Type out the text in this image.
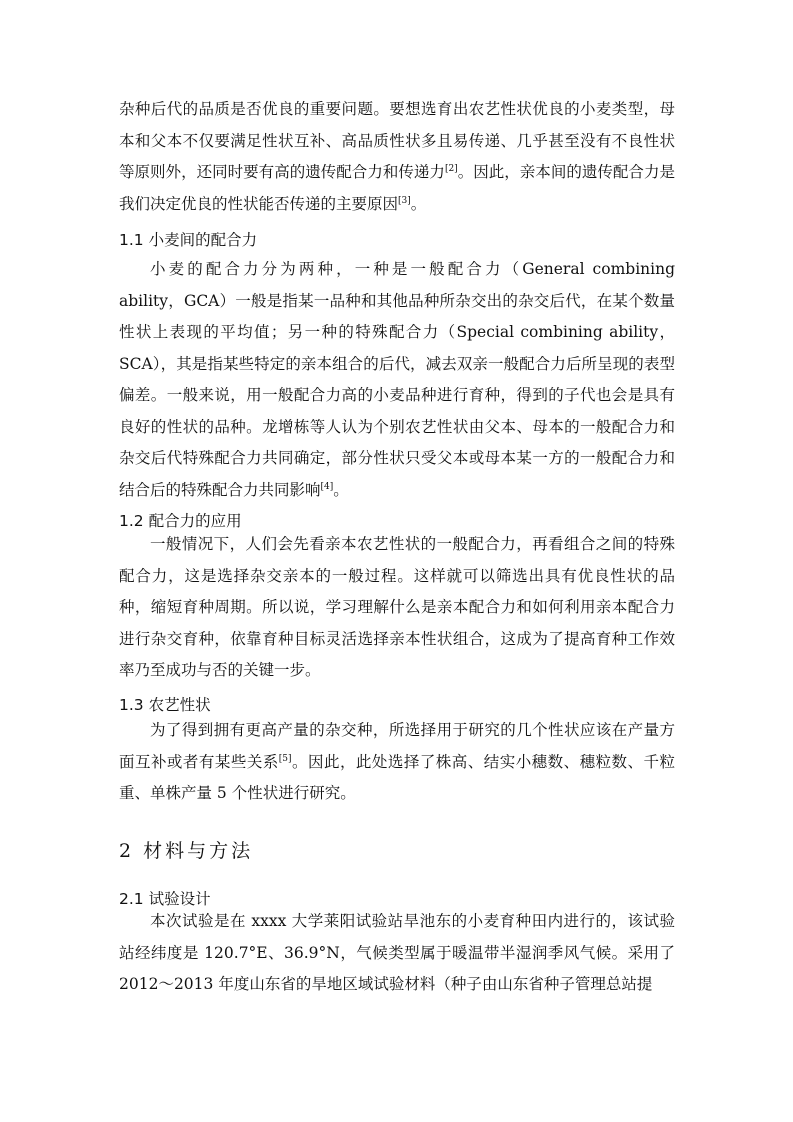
杂种后代的品质是否优良的重要问题。要想选育出农艺性状优良的小麦类型，母本和父本不仅要满足性状互补、高品质性状多且易传递、几乎甚至没有不良性状等原则外，还同时要有高的遗传配合力和传递力[2]。因此，亲本间的遗传配合力是我们决定优良的性状能否传递的主要原因[3]。
1.1 小麦间的配合力
小麦的配合力分为两种，一种是一般配合力（General combining ability，GCA）一般是指某一品种和其他品种所杂交出的杂交后代，在某个数量性状上表现的平均值；另一种的特殊配合力（Special combining ability，SCA），其是指某些特定的亲本组合的后代，减去双亲一般配合力后所呈现的表型偏差。一般来说，用一般配合力高的小麦品种进行育种，得到的子代也会是具有良好的性状的品种。龙增栋等人认为个别农艺性状由父本、母本的一般配合力和杂交后代特殊配合力共同确定，部分性状只受父本或母本某一方的一般配合力和结合后的特殊配合力共同影响[4]。
1.2 配合力的应用
一般情况下，人们会先看亲本农艺性状的一般配合力，再看组合之间的特殊配合力，这是选择杂交亲本的一般过程。这样就可以筛选出具有优良性状的品种，缩短育种周期。所以说，学习理解什么是亲本配合力和如何利用亲本配合力进行杂交育种，依靠育种目标灵活选择亲本性状组合，这成为了提高育种工作效率乃至成功与否的关键一步。
1.3 农艺性状
为了得到拥有更高产量的杂交种，所选择用于研究的几个性状应该在产量方面互补或者有某些关系[5]。因此，此处选择了株高、结实小穗数、穗粒数、千粒重、单株产量 5 个性状进行研究。
2 材料与方法
2.1 试验设计
本次试验是在 xxxx 大学莱阳试验站旱池东的小麦育种田内进行的，该试验站经纬度是 120.7°E、36.9°N，气候类型属于暖温带半湿润季风气候。采用了 2012～2013 年度山东省的旱地区域试验材料（种子由山东省种子管理总站提
